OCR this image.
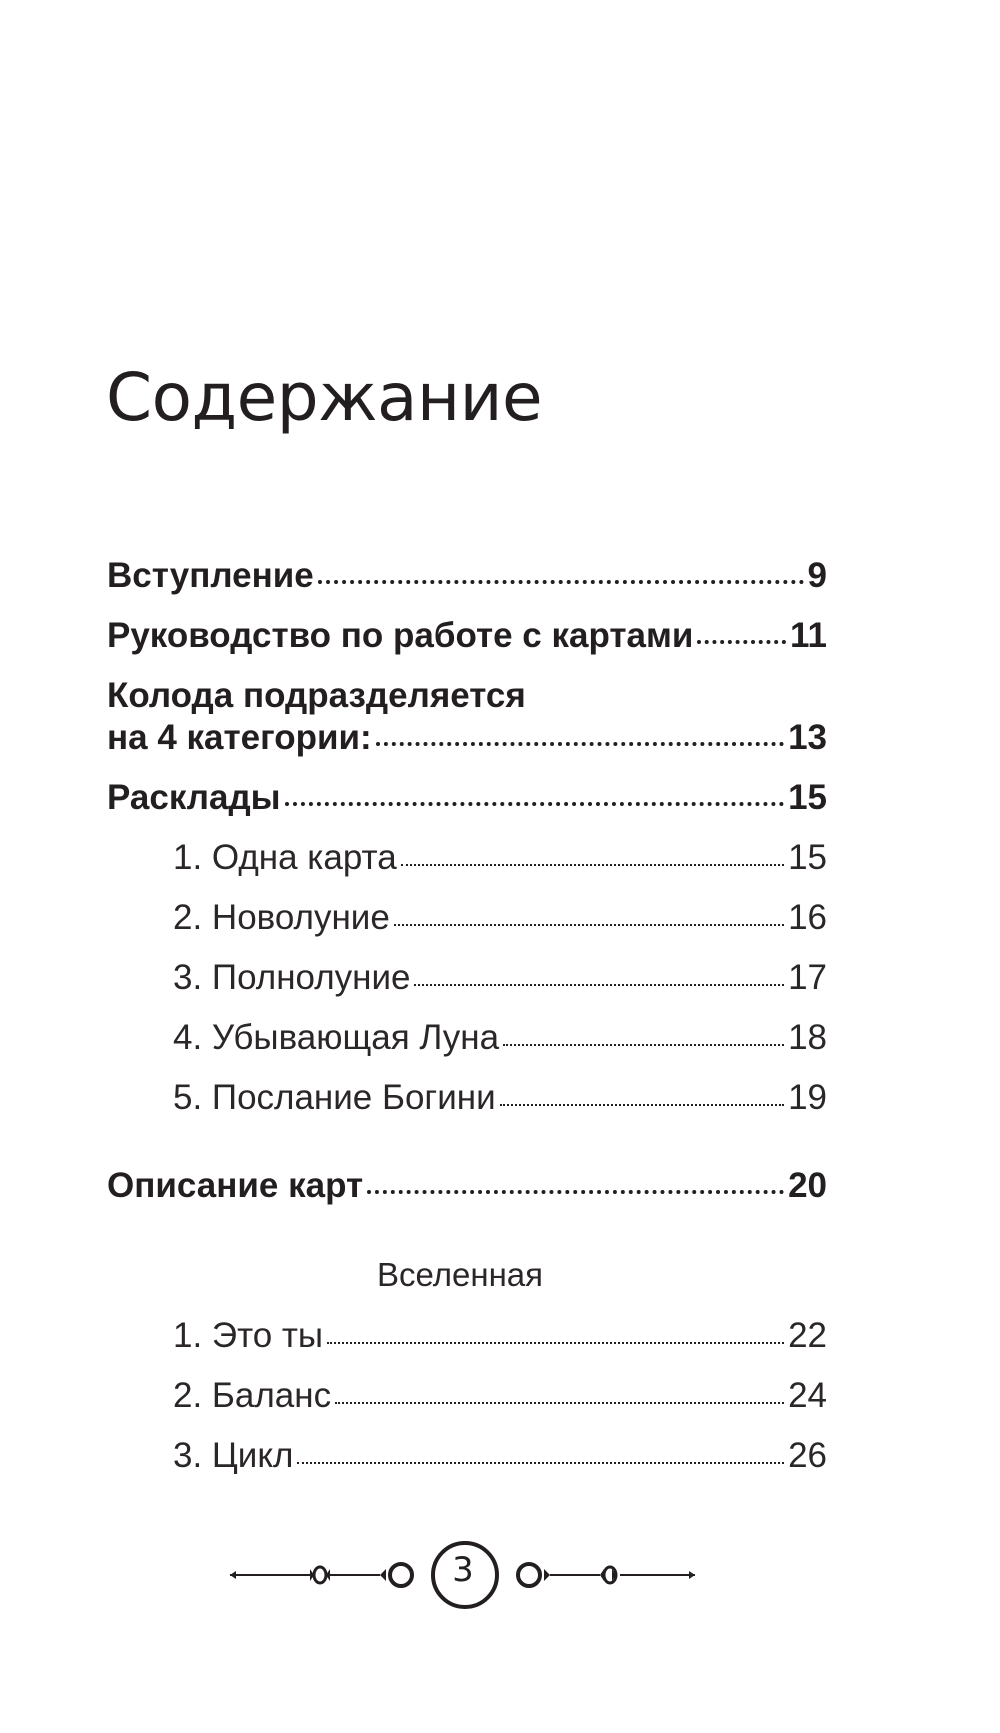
Содержание
Вступление	9
Руководство по работе с картами	11
Колода подразделяется
на 4 категории:	13
Расклады	15
1. Одна карта	15
2. Новолуние	16
3. Полнолуние	17
4. Убывающая Луна	18
5. Послание Богини	19
Описание карт	20
Вселенная
1. Это ты	22
2. Баланс	24
3. Цикл	26
3
